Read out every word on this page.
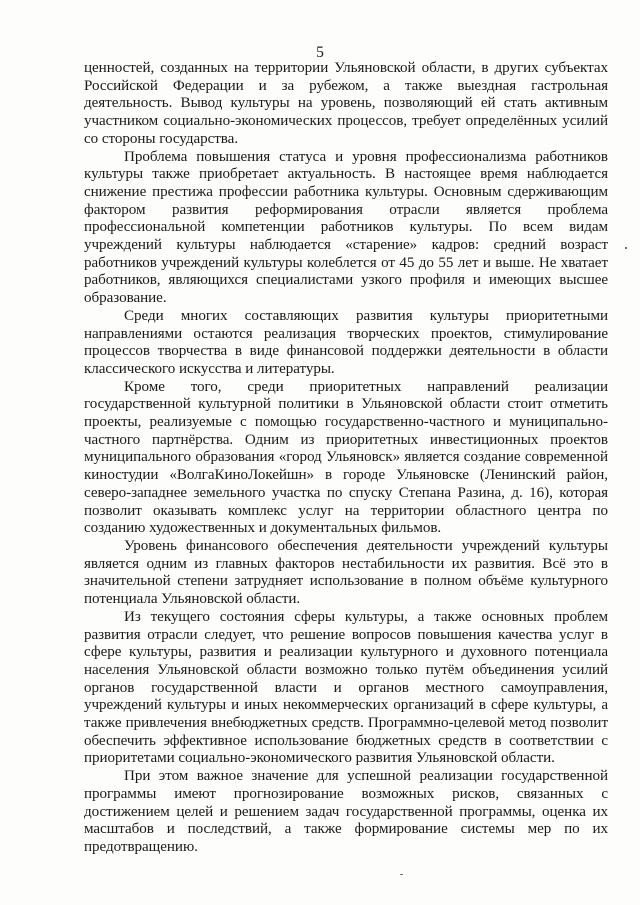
5

ценностей, созданных на территории Ульяновской области, в других субъектах Российской Федерации и за рубежом, а также выездная гастрольная деятельность. Вывод культуры на уровень, позволяющий ей стать активным участником социально-экономических процессов, требует определённых усилий со стороны государства.

Проблема повышения статуса и уровня профессионализма работников культуры также приобретает актуальность. В настоящее время наблюдается снижение престижа профессии работника культуры. Основным сдерживающим фактором развития реформирования отрасли является проблема профессиональной компетенции работников культуры. По всем видам учреждений культуры наблюдается «старение» кадров: средний возраст работников учреждений культуры колеблется от 45 до 55 лет и выше. Не хватает работников, являющихся специалистами узкого профиля и имеющих высшее образование.

Среди многих составляющих развития культуры приоритетными направлениями остаются реализация творческих проектов, стимулирование процессов творчества в виде финансовой поддержки деятельности в области классического искусства и литературы.

Кроме того, среди приоритетных направлений реализации государственной культурной политики в Ульяновской области стоит отметить проекты, реализуемые с помощью государственно-частного и муниципально-частного партнёрства. Одним из приоритетных инвестиционных проектов муниципального образования «город Ульяновск» является создание современной киностудии «ВолгаКиноЛокейшн» в городе Ульяновске (Ленинский район, северо-западнее земельного участка по спуску Степана Разина, д. 16), которая позволит оказывать комплекс услуг на территории областного центра по созданию художественных и документальных фильмов.

Уровень финансового обеспечения деятельности учреждений культуры является одним из главных факторов нестабильности их развития. Всё это в значительной степени затрудняет использование в полном объёме культурного потенциала Ульяновской области.

Из текущего состояния сферы культуры, а также основных проблем развития отрасли следует, что решение вопросов повышения качества услуг в сфере культуры, развития и реализации культурного и духовного потенциала населения Ульяновской области возможно только путём объединения усилий органов государственной власти и органов местного самоуправления, учреждений культуры и иных некоммерческих организаций в сфере культуры, а также привлечения внебюджетных средств. Программно-целевой метод позволит обеспечить эффективное использование бюджетных средств в соответствии с приоритетами социально-экономического развития Ульяновской области.

При этом важное значение для успешной реализации государственной программы имеют прогнозирование возможных рисков, связанных с достижением целей и решением задач государственной программы, оценка их масштабов и последствий, а также формирование системы мер по их предотвращению.
